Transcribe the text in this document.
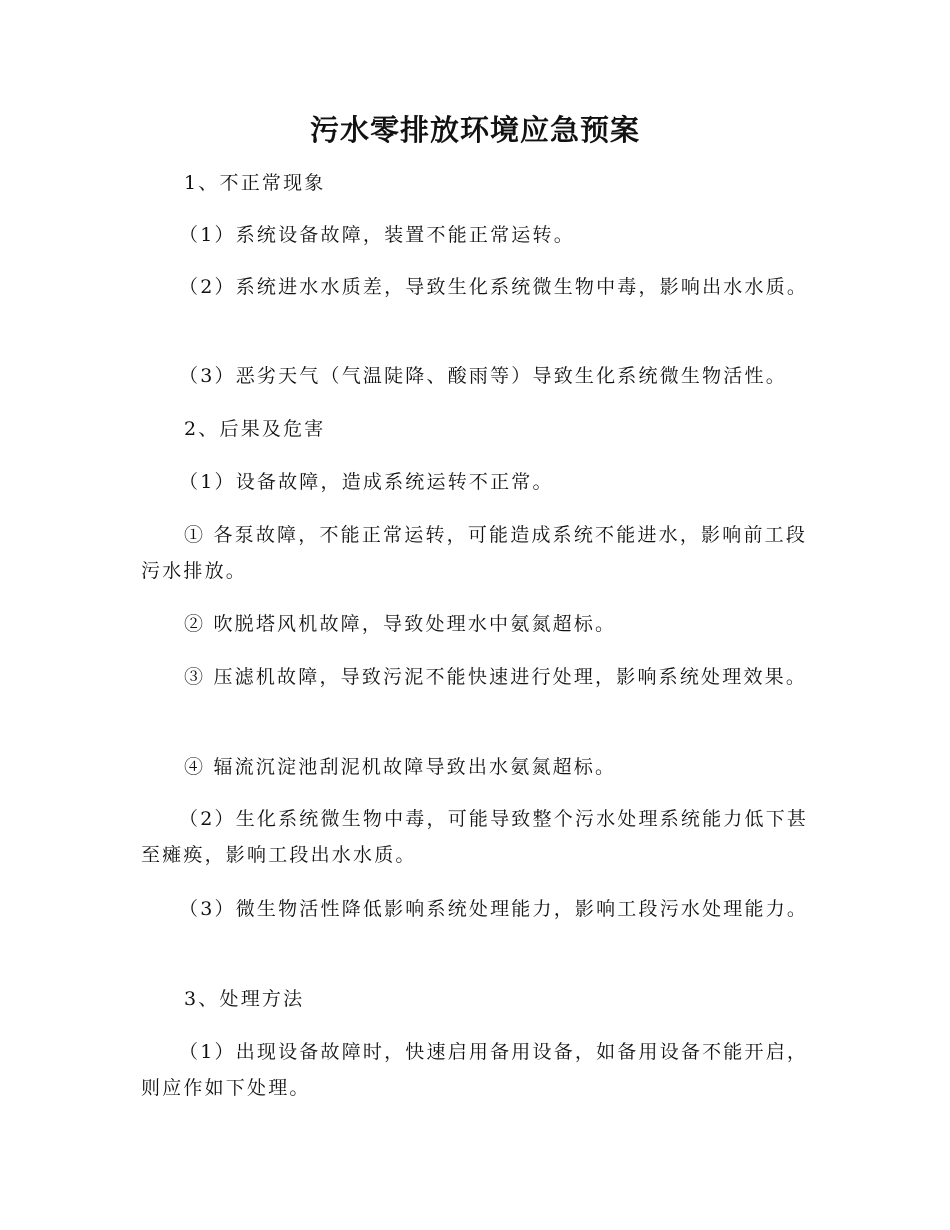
污水零排放环境应急预案

1、不正常现象

（1）系统设备故障，装置不能正常运转。

（2）系统进水水质差，导致生化系统微生物中毒，影响出水水质。

（3）恶劣天气（气温陡降、酸雨等）导致生化系统微生物活性。

2、后果及危害

（1）设备故障，造成系统运转不正常。

① 各泵故障，不能正常运转，可能造成系统不能进水，影响前工段污水排放。

② 吹脱塔风机故障，导致处理水中氨氮超标。

③ 压滤机故障，导致污泥不能快速进行处理，影响系统处理效果。

④ 辐流沉淀池刮泥机故障导致出水氨氮超标。

（2）生化系统微生物中毒，可能导致整个污水处理系统能力低下甚至瘫痪，影响工段出水水质。

（3）微生物活性降低影响系统处理能力，影响工段污水处理能力。

3、处理方法

（1）出现设备故障时，快速启用备用设备，如备用设备不能开启，则应作如下处理。
